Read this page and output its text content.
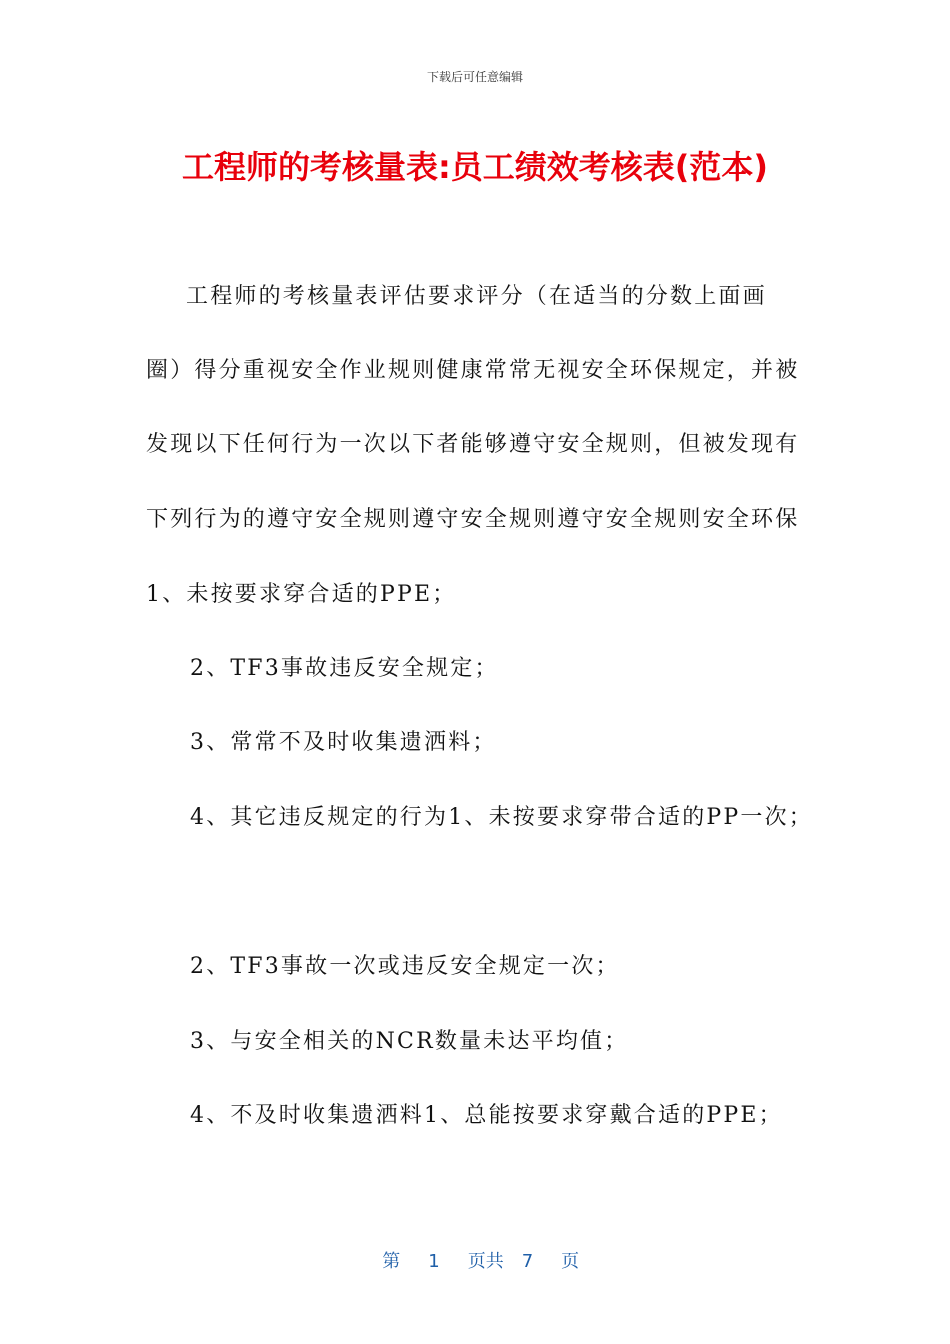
下载后可任意编辑
工程师的考核量表:员工绩效考核表(范本)
工程师的考核量表评估要求评分（在适当的分数上面画
圈）得分重视安全作业规则健康常常无视安全环保规定，并被
发现以下任何行为一次以下者能够遵守安全规则，但被发现有
下列行为的遵守安全规则遵守安全规则遵守安全规则安全环保
1、未按要求穿合适的PPE；
2、TF3事故违反安全规定；
3、常常不及时收集遗洒料；
4、其它违反规定的行为1、未按要求穿带合适的PP一次；
2、TF3事故一次或违反安全规定一次；
3、与安全相关的NCR数量未达平均值；
4、不及时收集遗洒料1、总能按要求穿戴合适的PPE；

第 1 页共 7 页
